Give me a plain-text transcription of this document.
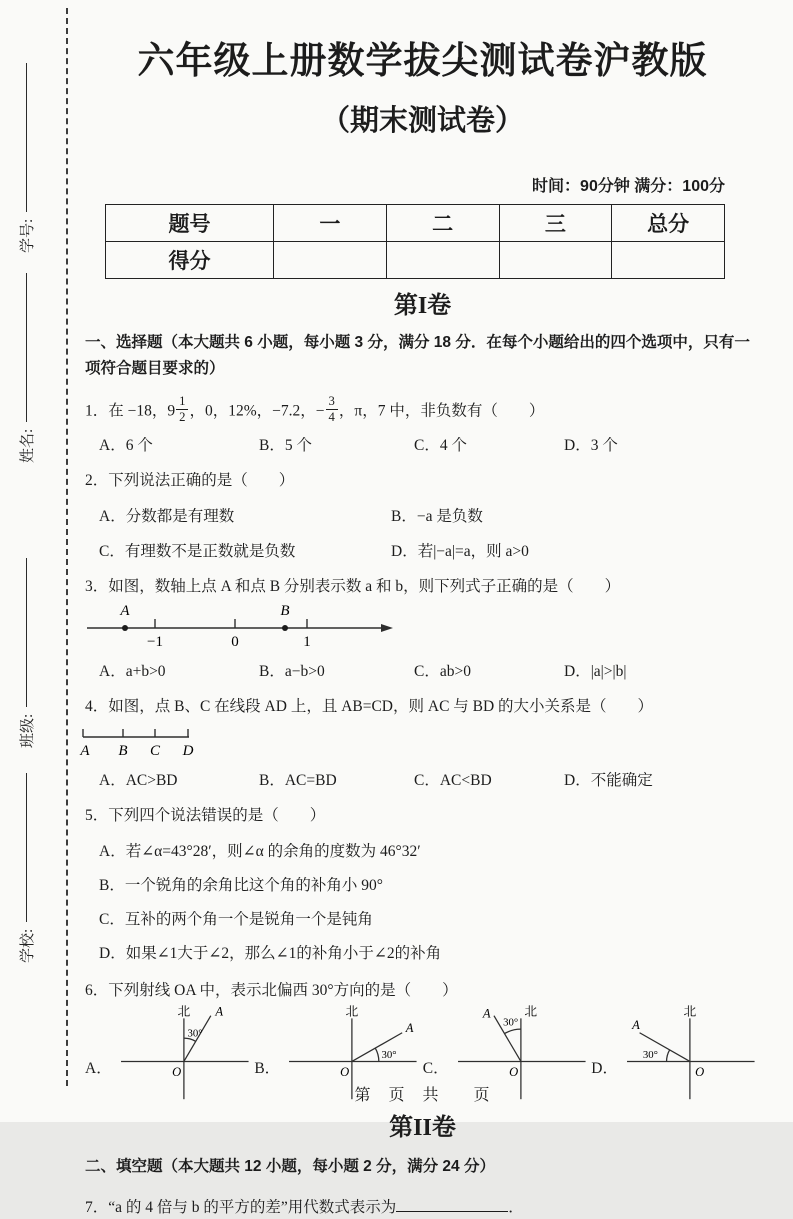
学号:
姓名:
班级:
学校:
六年级上册数学拔尖测试卷沪教版
（期末测试卷）
时间：90分钟 满分：100分
题号	一	二	三	总分
得分				
第I卷
一、选择题（本大题共 6 小题，每小题 3 分，满分 18 分．在每个小题给出的四个选项中，只有一项符合题目要求的）
1．在 −18，$9 \frac{1}{2}$ ，0，12%，−7.2，− $\frac{3}{4}$ ，π，7 中，非负数有（　　）
A．6 个	B．5 个	C．4 个	D．3 个
2．下列说法正确的是（　　）
A．分数都是有理数	B．−a 是负数
C．有理数不是正数就是负数	D．若|−a|=a，则 a>0
3．如图，数轴上点 A 和点 B 分别表示数 a 和 b，则下列式子正确的是（　　）
A	B
−1	0	1
A．a+b>0	B．a−b>0	C．ab>0	D．|a|>|b|
4．如图，点 B、C 在线段 AD 上，且 AB=CD，则 AC 与 BD 的大小关系是（　　）
A B C D
A．AC>BD	B．AC=BD	C．AC<BD	D．不能确定
5．下列四个说法错误的是（　　）
A．若∠α=43°28′，则∠α 的余角的度数为 46°32′
B．一个锐角的余角比这个角的补角小 90°
C．互补的两个角一个是锐角一个是钝角
D．如果∠1大于∠2，那么∠1的补角小于∠2的补角
6．下列射线 OA 中，表示北偏西 30°方向的是（　　）
A．
北
30°
A
O	B．
北
30°
A
O	C．
北
30°
A
O	D．
北
30°
A
O
第II卷
二、填空题（本大题共 12 小题，每小题 2 分，满分 24 分）
7．“a 的 4 倍与 b 的平方的差”用代数式表示为	．
第　页　共　　页
